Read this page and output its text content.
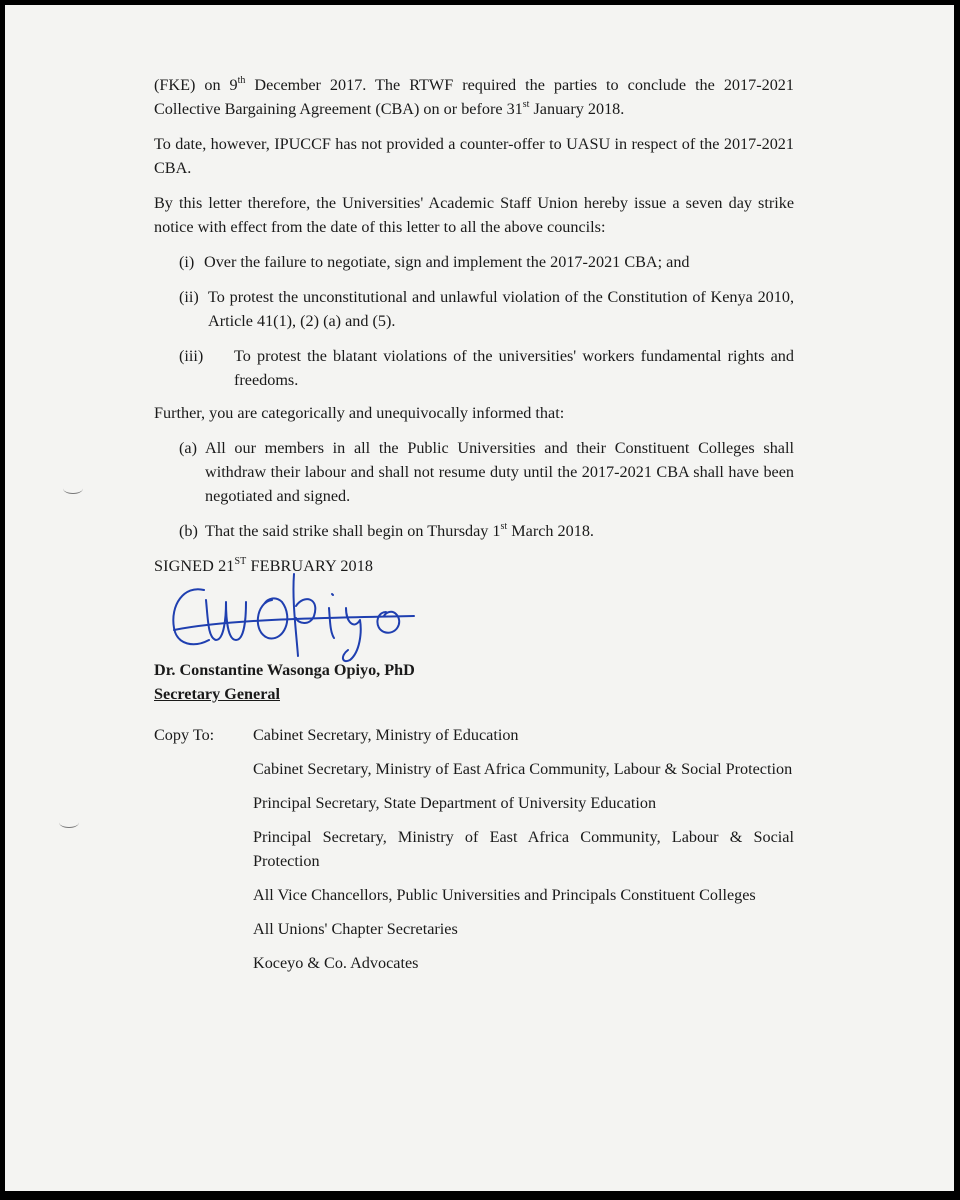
(FKE) on 9th December 2017. The RTWF required the parties to conclude the 2017-2021 Collective Bargaining Agreement (CBA) on or before 31st January 2018.

To date, however, IPUCCF has not provided a counter-offer to UASU in respect of the 2017-2021 CBA.

By this letter therefore, the Universities' Academic Staff Union hereby issue a seven day strike notice with effect from the date of this letter to all the above councils:

(i) Over the failure to negotiate, sign and implement the 2017-2021 CBA; and
(ii) To protest the unconstitutional and unlawful violation of the Constitution of Kenya 2010, Article 41(1), (2) (a) and (5).
(iii)	To protest the blatant violations of the universities' workers fundamental rights and freedoms.

Further, you are categorically and unequivocally informed that:

(a) All our members in all the Public Universities and their Constituent Colleges shall withdraw their labour and shall not resume duty until the 2017-2021 CBA shall have been negotiated and signed.
(b) That the said strike shall begin on Thursday 1st March 2018.

SIGNED 21ST FEBRUARY 2018

Dr. Constantine Wasonga Opiyo, PhD

Secretary General

Copy To:	Cabinet Secretary, Ministry of Education

Cabinet Secretary, Ministry of East Africa Community, Labour & Social Protection

Principal Secretary, State Department of University Education

Principal Secretary, Ministry of East Africa Community, Labour & Social Protection

All Vice Chancellors, Public Universities and Principals Constituent Colleges

All Unions' Chapter Secretaries

Koceyo & Co. Advocates
